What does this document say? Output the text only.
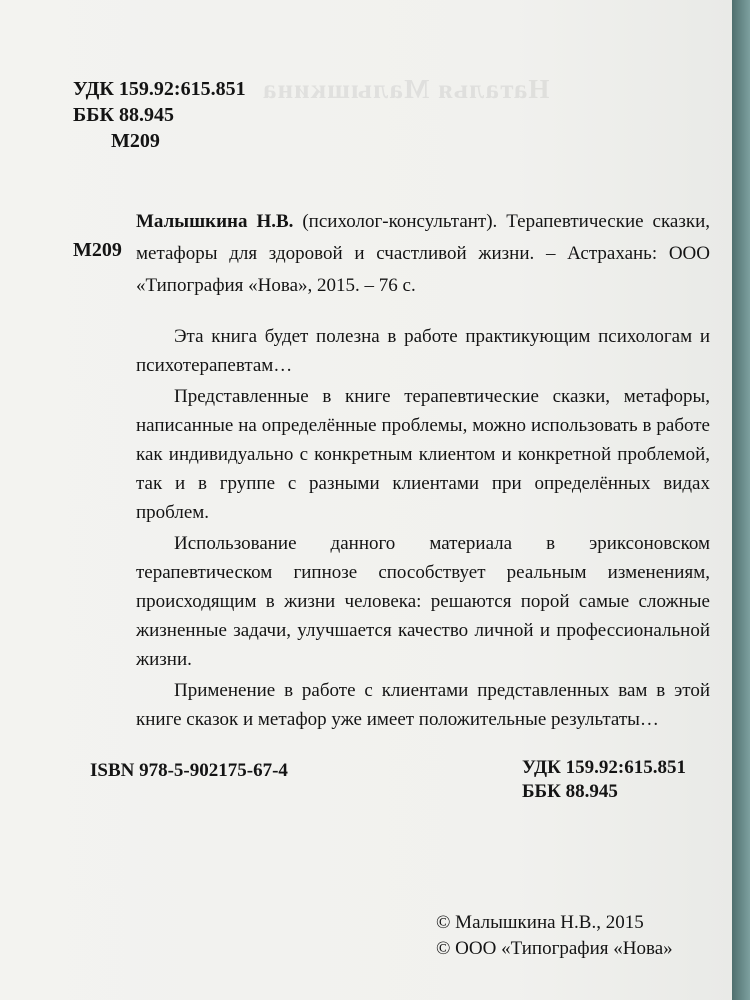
Наталья Малышкина
УДК 159.92:615.851
ББК 88.945
М209
М209
Малышкина Н.В. (психолог-консультант). Терапевтические сказки, метафоры для здоровой и счастливой жизни. – Астрахань: ООО «Типография «Нова», 2015. – 76 с.

Эта книга будет полезна в работе практикующим психологам и психотерапевтам…

Представленные в книге терапевтические сказки, метафоры, написанные на определённые проблемы, можно использовать в работе как индивидуально с конкретным клиентом и конкретной проблемой, так и в группе с разными клиентами при определённых видах проблем.

Использование данного материала в эриксоновском терапевтическом гипнозе способствует реальным изменениям, происходящим в жизни человека: решаются порой самые сложные жизненные задачи, улучшается качество личной и профессиональной жизни.

Применение в работе с клиентами представленных вам в этой книге сказок и метафор уже имеет положительные результаты…

ISBN 978-5-902175-67-4	УДК 159.92:615.851
ББК 88.945
© Малышкина Н.В., 2015
© ООО «Типография «Нова»
